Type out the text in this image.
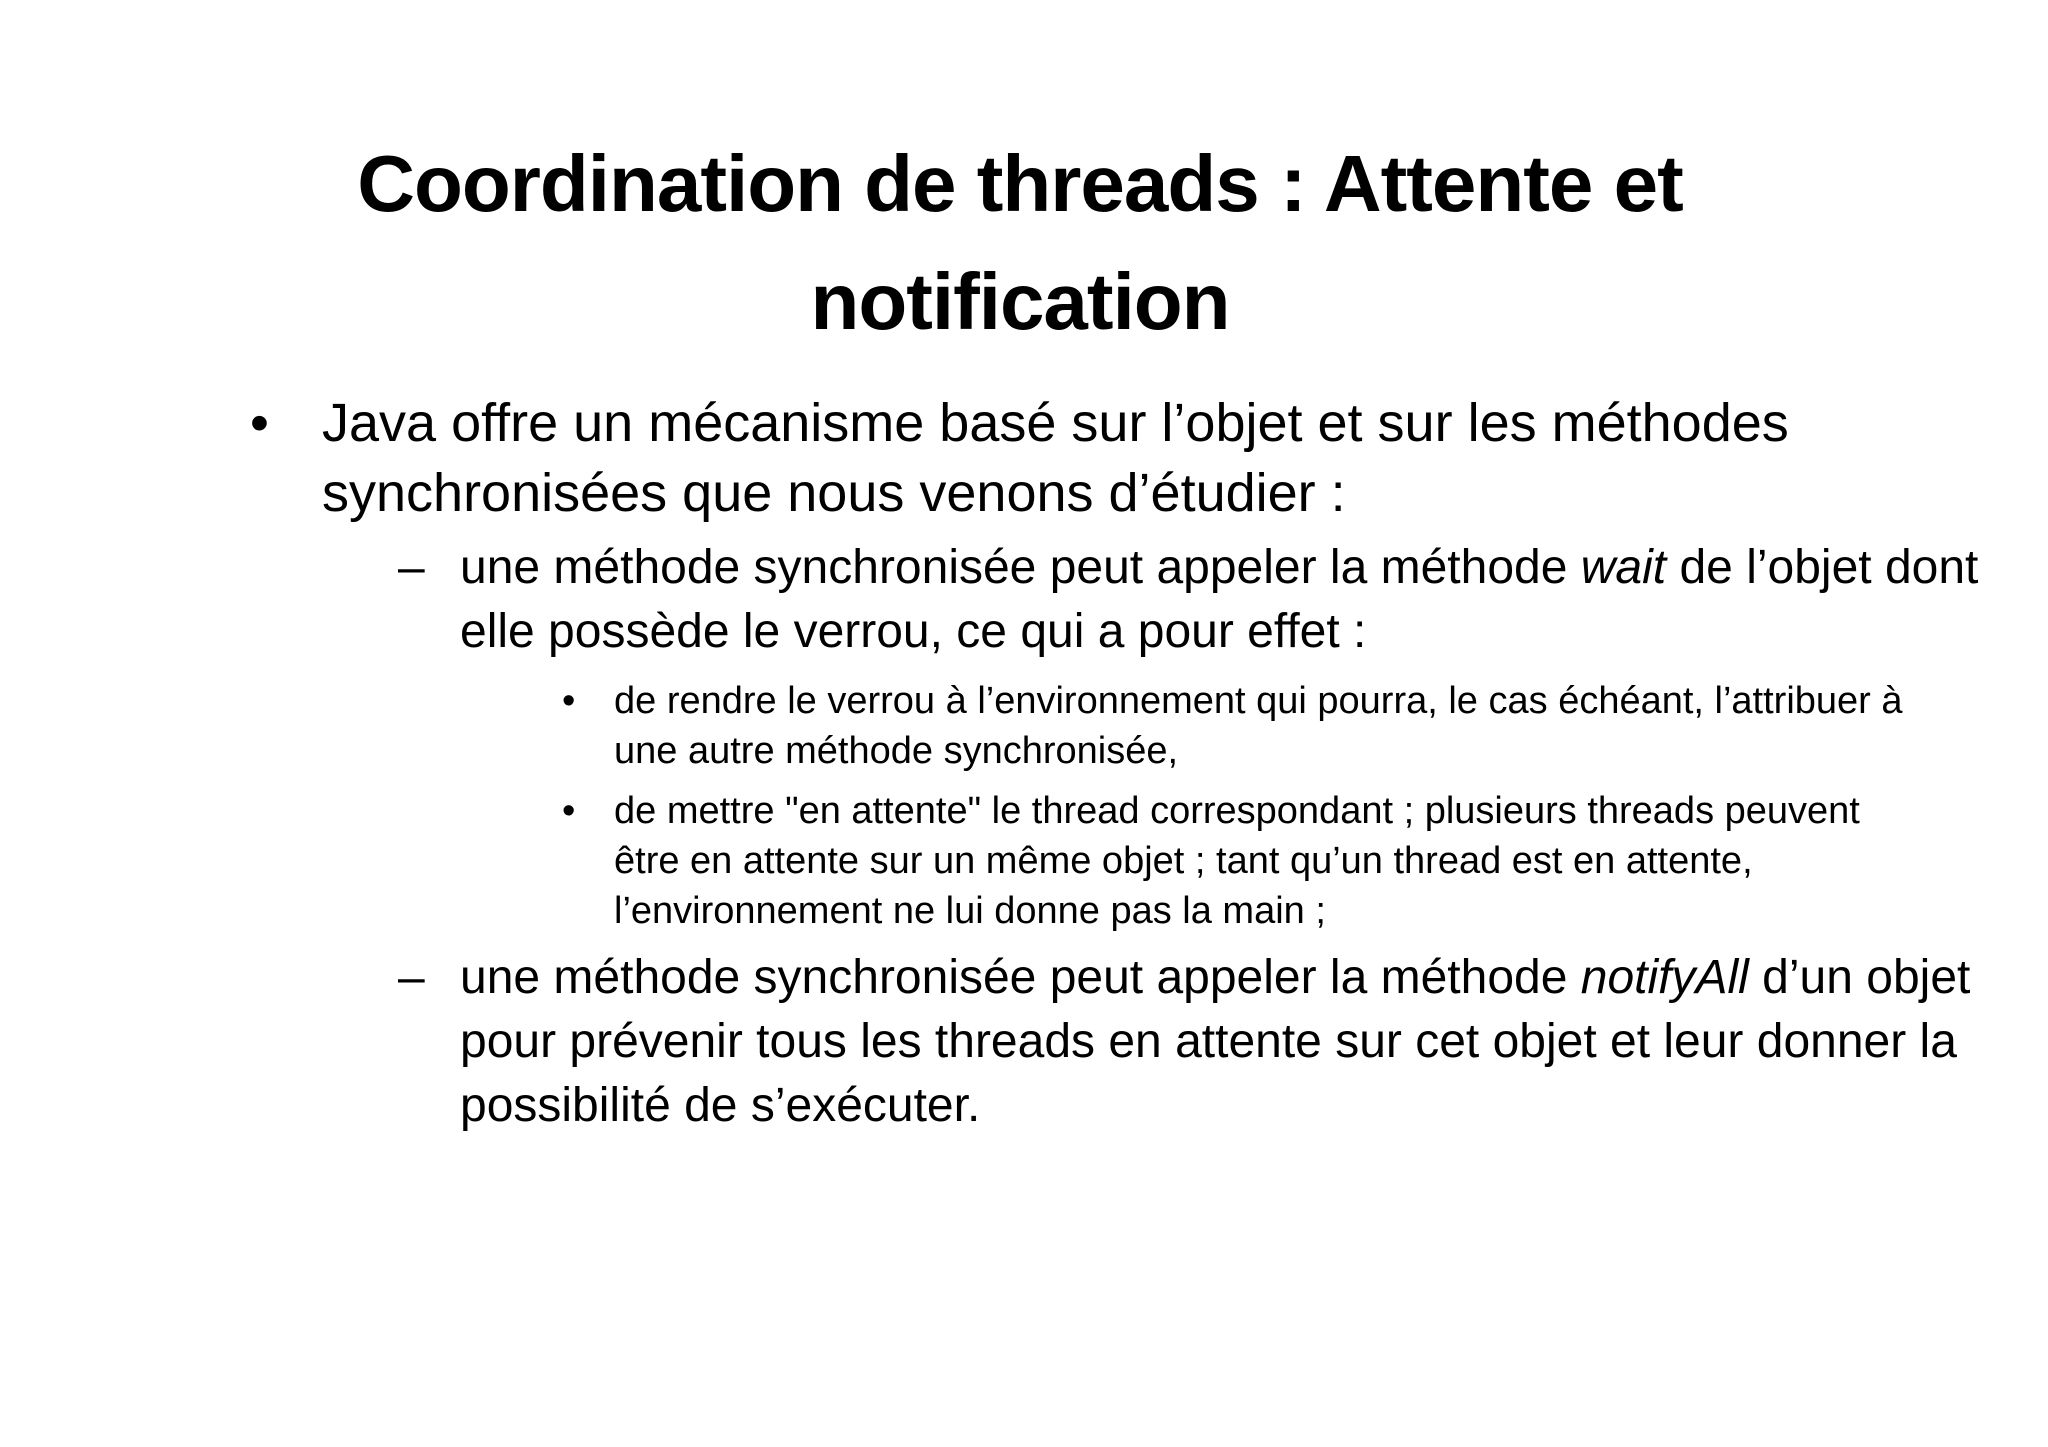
Coordination de threads : Attente et
notification
• Java offre un mécanisme basé sur l’objet et sur les méthodes synchronisées que nous venons d’étudier :
– une méthode synchronisée peut appeler la méthode wait de l’objet dont elle possède le verrou, ce qui a pour effet :
• de rendre le verrou à l’environnement qui pourra, le cas échéant, l’attribuer à une autre méthode synchronisée,
• de mettre "en attente" le thread correspondant ; plusieurs threads peuvent être en attente sur un même objet ; tant qu’un thread est en attente, l’environnement ne lui donne pas la main ;
– une méthode synchronisée peut appeler la méthode notifyAll d’un objet pour prévenir tous les threads en attente sur cet objet et leur donner la possibilité de s’exécuter.
